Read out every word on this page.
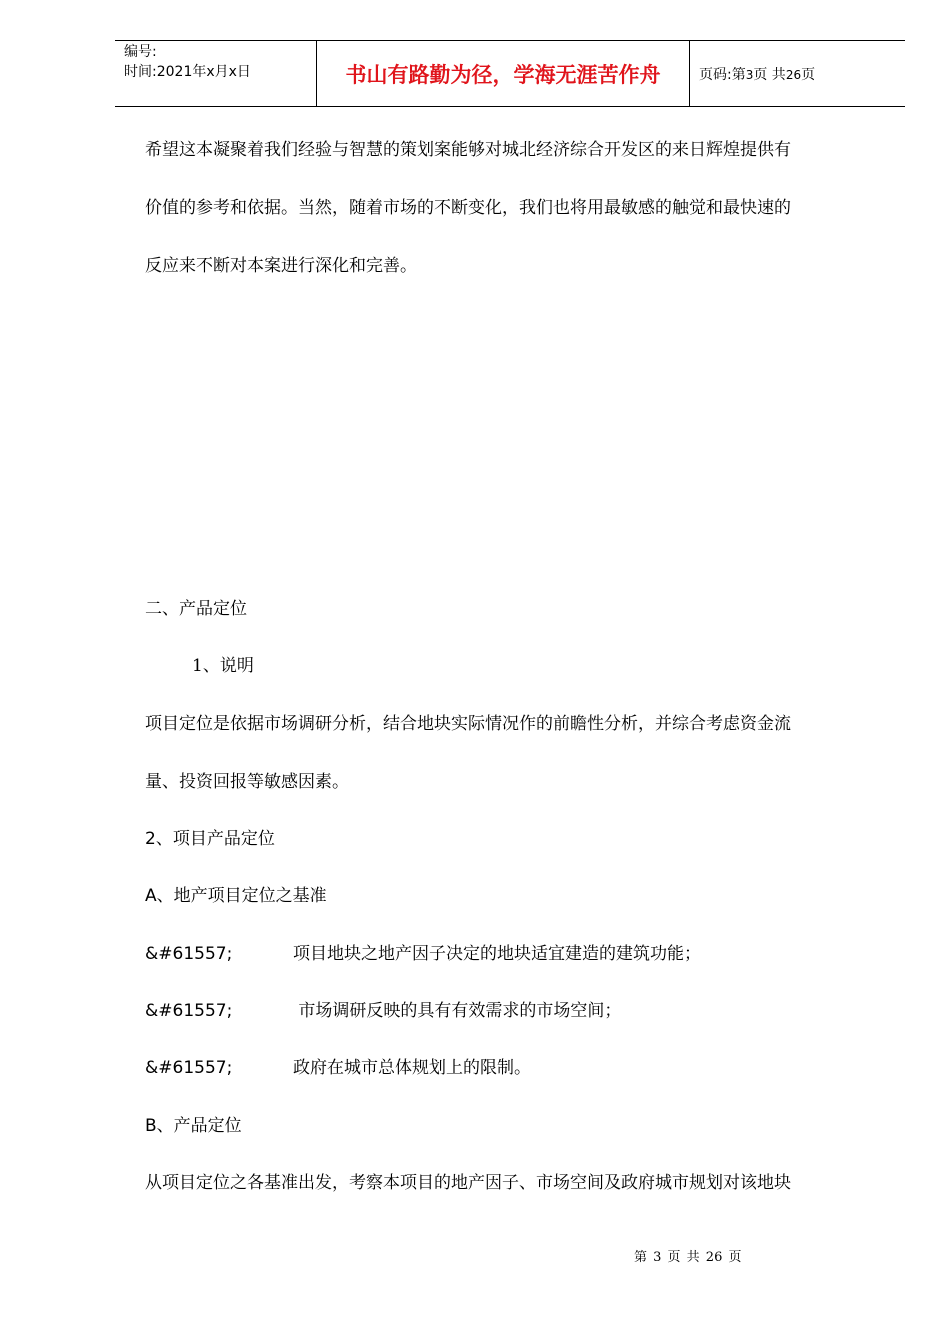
编号:
时间:2021年x月x日	书山有路勤为径，学海无涯苦作舟	页码:第3页 共26页
希望这本凝聚着我们经验与智慧的策划案能够对城北经济综合开发区的来日辉煌提供有
价值的参考和依据。当然，随着市场的不断变化，我们也将用最敏感的触觉和最快速的
反应来不断对本案进行深化和完善。
二、产品定位
1、说明
项目定位是依据市场调研分析，结合地块实际情况作的前瞻性分析，并综合考虑资金流
量、投资回报等敏感因素。
2、项目产品定位
A、地产项目定位之基准
&#61557;	项目地块之地产因子决定的地块适宜建造的建筑功能；
&#61557;	市场调研反映的具有有效需求的市场空间；
&#61557;	政府在城市总体规划上的限制。
B、产品定位
从项目定位之各基准出发，考察本项目的地产因子、市场空间及政府城市规划对该地块
第 3 页 共 26 页
